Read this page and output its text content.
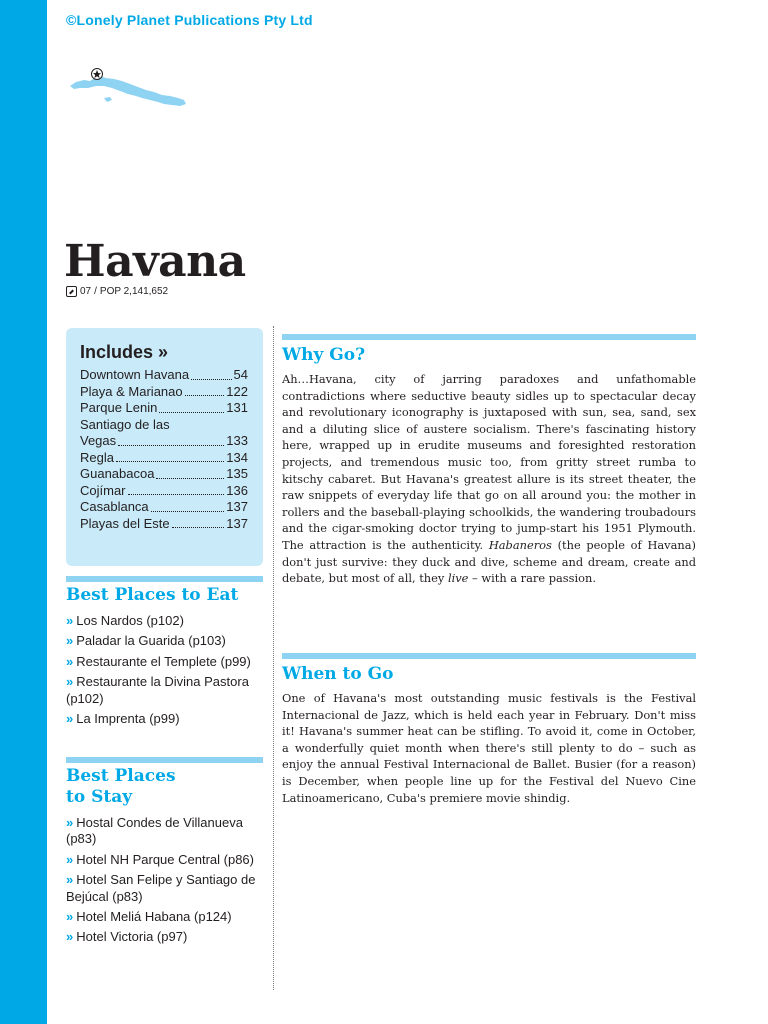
©Lonely Planet Publications Pty Ltd
Havana
07 / POP 2,141,652
Includes »
Downtown Havana	54
Playa & Marianao	122
Parque Lenin	131
Santiago de las
Vegas	133
Regla	134
Guanabacoa	135
Cojímar	136
Casablanca	137
Playas del Este	137
Best Places to Eat
» Los Nardos (p102)
» Paladar la Guarida (p103)
» Restaurante el Templete (p99)
» Restaurante la Divina Pastora (p102)
» La Imprenta (p99)
Best Places
to Stay
» Hostal Condes de Villanueva (p83)
» Hotel NH Parque Central (p86)
» Hotel San Felipe y Santiago de Bejúcal (p83)
» Hotel Meliá Habana (p124)
» Hotel Victoria (p97)
Why Go?

Ah…Havana, city of jarring paradoxes and unfathomable contradictions where seductive beauty sidles up to spectacular decay and revolutionary iconography is juxtaposed with sun, sea, sand, sex and a diluting slice of austere socialism. There's fascinating history here, wrapped up in erudite museums and foresighted restoration projects, and tremendous music too, from gritty street rumba to kitschy cabaret. But Havana's greatest allure is its street theater, the raw snippets of everyday life that go on all around you: the mother in rollers and the baseball-playing schoolkids, the wandering troubadours and the cigar-smoking doctor trying to jump-start his 1951 Plymouth. The attraction is the authenticity. Habaneros (the people of Havana) don't just survive: they duck and dive, scheme and dream, create and debate, but most of all, they live – with a rare passion.

When to Go

One of Havana's most outstanding music festivals is the Festival Internacional de Jazz, which is held each year in February. Don't miss it! Havana's summer heat can be stifling. To avoid it, come in October, a wonderfully quiet month when there's still plenty to do – such as enjoy the annual Festival Internacional de Ballet. Busier (for a reason) is December, when people line up for the Festival del Nuevo Cine Latinoamericano, Cuba's premiere movie shindig.
